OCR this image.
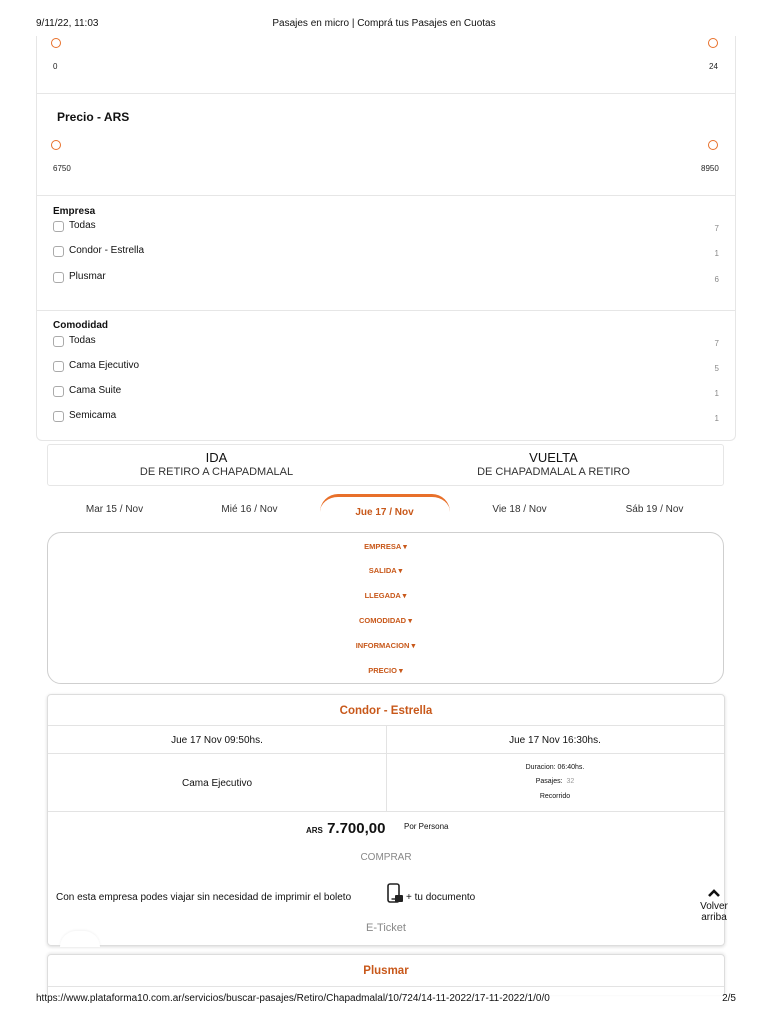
9/11/22, 11:03	Pasajes en micro | Comprá tus Pasajes en Cuotas
0	24
Precio - ARS
6750	8950
Empresa
Todas	7
Condor - Estrella	1
Plusmar	6
Comodidad
Todas	7
Cama Ejecutivo	5
Cama Suite	1
Semicama	1
IDA
DE RETIRO A CHAPADMALAL
VUELTA
DE CHAPADMALAL A RETIRO
Mar 15 / Nov	Mié 16 / Nov	Jue 17 / Nov	Vie 18 / Nov	Sáb 19 / Nov
EMPRESA ▾
SALIDA ▾
LLEGADA ▾
COMODIDAD ▾
INFORMACION ▾
PRECIO ▾
Condor - Estrella
Jue 17 Nov 09:50hs.	Jue 17 Nov 16:30hs.
Cama Ejecutivo
Duracion: 06:40hs.
Pasajes: 32
Recorrido
ARS 7.700,00 Por Persona
COMPRAR
Con esta empresa podes viajar sin necesidad de imprimir el boleto	+ tu documento
E-Ticket
Volver
arriba
Plusmar
https://www.plataforma10.com.ar/servicios/buscar-pasajes/Retiro/Chapadmalal/10/724/14-11-2022/17-11-2022/1/0/0	2/5
